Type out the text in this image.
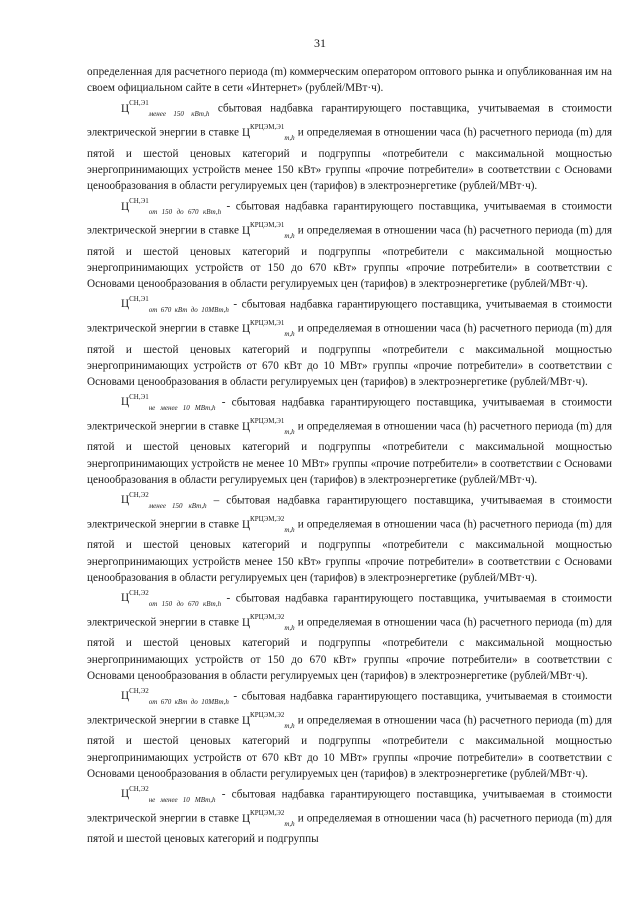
31

определенная для расчетного периода (m) коммерческим оператором оптового рынка и опубликованная им на своем официальном сайте в сети «Интернет» (рублей/МВт·ч).

$Ц^{СН,Э1}_{менее 150 кВт,h}$ сбытовая надбавка гарантирующего поставщика, учитываемая в стоимости электрической энергии в ставке $Ц^{КРЦЭМ,Э1}_{m,h}$ и определяемая в отношении часа (h) расчетного периода (m) для пятой и шестой ценовых категорий и подгруппы «потребители с максимальной мощностью энергопринимающих устройств менее 150 кВт» группы «прочие потребители» в соответствии с Основами ценообразования в области регулируемых цен (тарифов) в электроэнергетике (рублей/МВт·ч).

$Ц^{СН,Э1}_{от 150 до 670 кВт,h}$ - сбытовая надбавка гарантирующего поставщика, учитываемая в стоимости электрической энергии в ставке $Ц^{КРЦЭМ,Э1}_{m,h}$ и определяемая в отношении часа (h) расчетного периода (m) для пятой и шестой ценовых категорий и подгруппы «потребители с максимальной мощностью энергопринимающих устройств от 150 до 670 кВт» группы «прочие потребители» в соответствии с Основами ценообразования в области регулируемых цен (тарифов) в электроэнергетике (рублей/МВт·ч).

$Ц^{СН,Э1}_{от 670 кВт до 10МВт,h}$ - сбытовая надбавка гарантирующего поставщика, учитываемая в стоимости электрической энергии в ставке $Ц^{КРЦЭМ,Э1}_{m,h}$ и определяемая в отношении часа (h) расчетного периода (m) для пятой и шестой ценовых категорий и подгруппы «потребители с максимальной мощностью энергопринимающих устройств от 670 кВт до 10 МВт» группы «прочие потребители» в соответствии с Основами ценообразования в области регулируемых цен (тарифов) в электроэнергетике (рублей/МВт·ч).

$Ц^{СН,Э1}_{не менее 10 МВт,h}$ - сбытовая надбавка гарантирующего поставщика, учитываемая в стоимости электрической энергии в ставке $Ц^{КРЦЭМ,Э1}_{m,h}$ и определяемая в отношении часа (h) расчетного периода (m) для пятой и шестой ценовых категорий и подгруппы «потребители с максимальной мощностью энергопринимающих устройств не менее 10 МВт» группы «прочие потребители» в соответствии с Основами ценообразования в области регулируемых цен (тарифов) в электроэнергетике (рублей/МВт·ч).

$Ц^{СН,Э2}_{менее 150 кВт,h}$ – сбытовая надбавка гарантирующего поставщика, учитываемая в стоимости электрической энергии в ставке $Ц^{КРЦЭМ,Э2}_{m,h}$ и определяемая в отношении часа (h) расчетного периода (m) для пятой и шестой ценовых категорий и подгруппы «потребители с максимальной мощностью энергопринимающих устройств менее 150 кВт» группы «прочие потребители» в соответствии с Основами ценообразования в области регулируемых цен (тарифов) в электроэнергетике (рублей/МВт·ч).

$Ц^{СН,Э2}_{от 150 до 670 кВт,h}$ - сбытовая надбавка гарантирующего поставщика, учитываемая в стоимости электрической энергии в ставке $Ц^{КРЦЭМ,Э2}_{m,h}$ и определяемая в отношении часа (h) расчетного периода (m) для пятой и шестой ценовых категорий и подгруппы «потребители с максимальной мощностью энергопринимающих устройств от 150 до 670 кВт» группы «прочие потребители» в соответствии с Основами ценообразования в области регулируемых цен (тарифов) в электроэнергетике (рублей/МВт·ч).

$Ц^{СН,Э2}_{от 670 кВт до 10МВт,h}$ - сбытовая надбавка гарантирующего поставщика, учитываемая в стоимости электрической энергии в ставке $Ц^{КРЦЭМ,Э2}_{m,h}$ и определяемая в отношении часа (h) расчетного периода (m) для пятой и шестой ценовых категорий и подгруппы «потребители с максимальной мощностью энергопринимающих устройств от 670 кВт до 10 МВт» группы «прочие потребители» в соответствии с Основами ценообразования в области регулируемых цен (тарифов) в электроэнергетике (рублей/МВт·ч).

$Ц^{СН,Э2}_{не менее 10 МВт,h}$ - сбытовая надбавка гарантирующего поставщика, учитываемая в стоимости электрической энергии в ставке $Ц^{КРЦЭМ,Э2}_{m,h}$ и определяемая в отношении часа (h) расчетного периода (m) для пятой и шестой ценовых категорий и подгруппы
